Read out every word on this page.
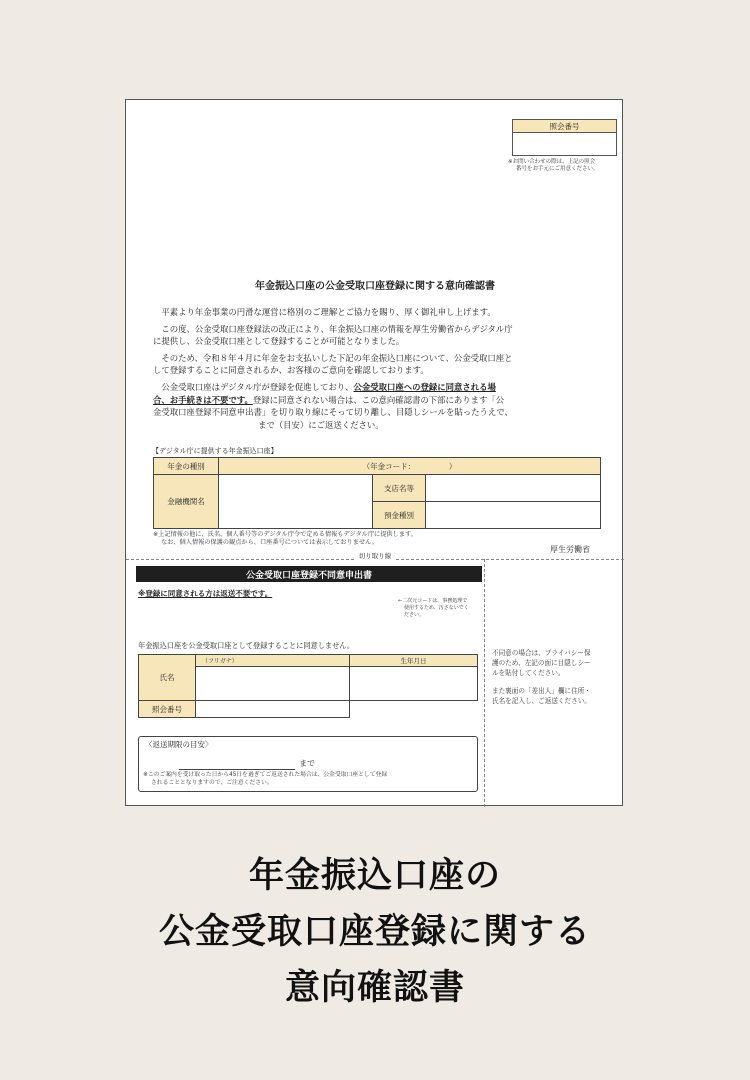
照会番号
※お問い合わせの際は、上記の照会
番号をお手元にご用意ください。
年金振込口座の公金受取口座登録に関する意向確認書

平素より年金事業の円滑な運営に格別のご理解とご協力を賜り、厚く御礼申し上げます。

この度、公金受取口座登録法の改正により、年金振込口座の情報を厚生労働省からデジタル庁

に提供し、公金受取口座として登録することが可能となりました。

そのため、令和８年４月に年金をお支払いした下記の年金振込口座について、公金受取口座と

して登録することに同意されるか、お客様のご意向を確認しております。

公金受取口座はデジタル庁が登録を促進しており、公金受取口座への登録に同意される場

合、お手続きは不要です。登録に同意されない場合は、この意向確認書の下部にあります「公

金受取口座登録不同意申出書」を切り取り線にそって切り離し、目隠しシールを貼ったうえで、

まで（目安）にご返送ください。

【デジタル庁に提供する年金振込口座】
年金の種別	（年金コード：　　　　　）
金融機関名
支店名等
預金種別
※上記情報の他に、氏名、個人番号等のデジタル庁令で定める情報もデジタル庁に提供します。
なお、個人情報の保護の観点から、口座番号については表示しておりません。
厚生労働省
切り取り線
公金受取口座登録不同意申出書
※登録に同意される方は返送不要です。
←二次元コードは、事務処理で
使用するため、汚さないでく
ださい。
年金振込口座を公金受取口座として登録することに同意しません。
氏名
（フリガナ）	生年月日
照会番号
〈返送期限の目安〉
まで
※このご案内を受け取った日から45日を過ぎてご返送された場合は、公金受取口座として登録
されることとなりますので、ご注意ください。
不同意の場合は、プライバシー保
護のため、左記の面に目隠しシー
ルを貼付してください。
また裏面の「差出人」欄に住所・
氏名を記入し、ご返送ください。
年金振込口座の
公金受取口座登録に関する
意向確認書
